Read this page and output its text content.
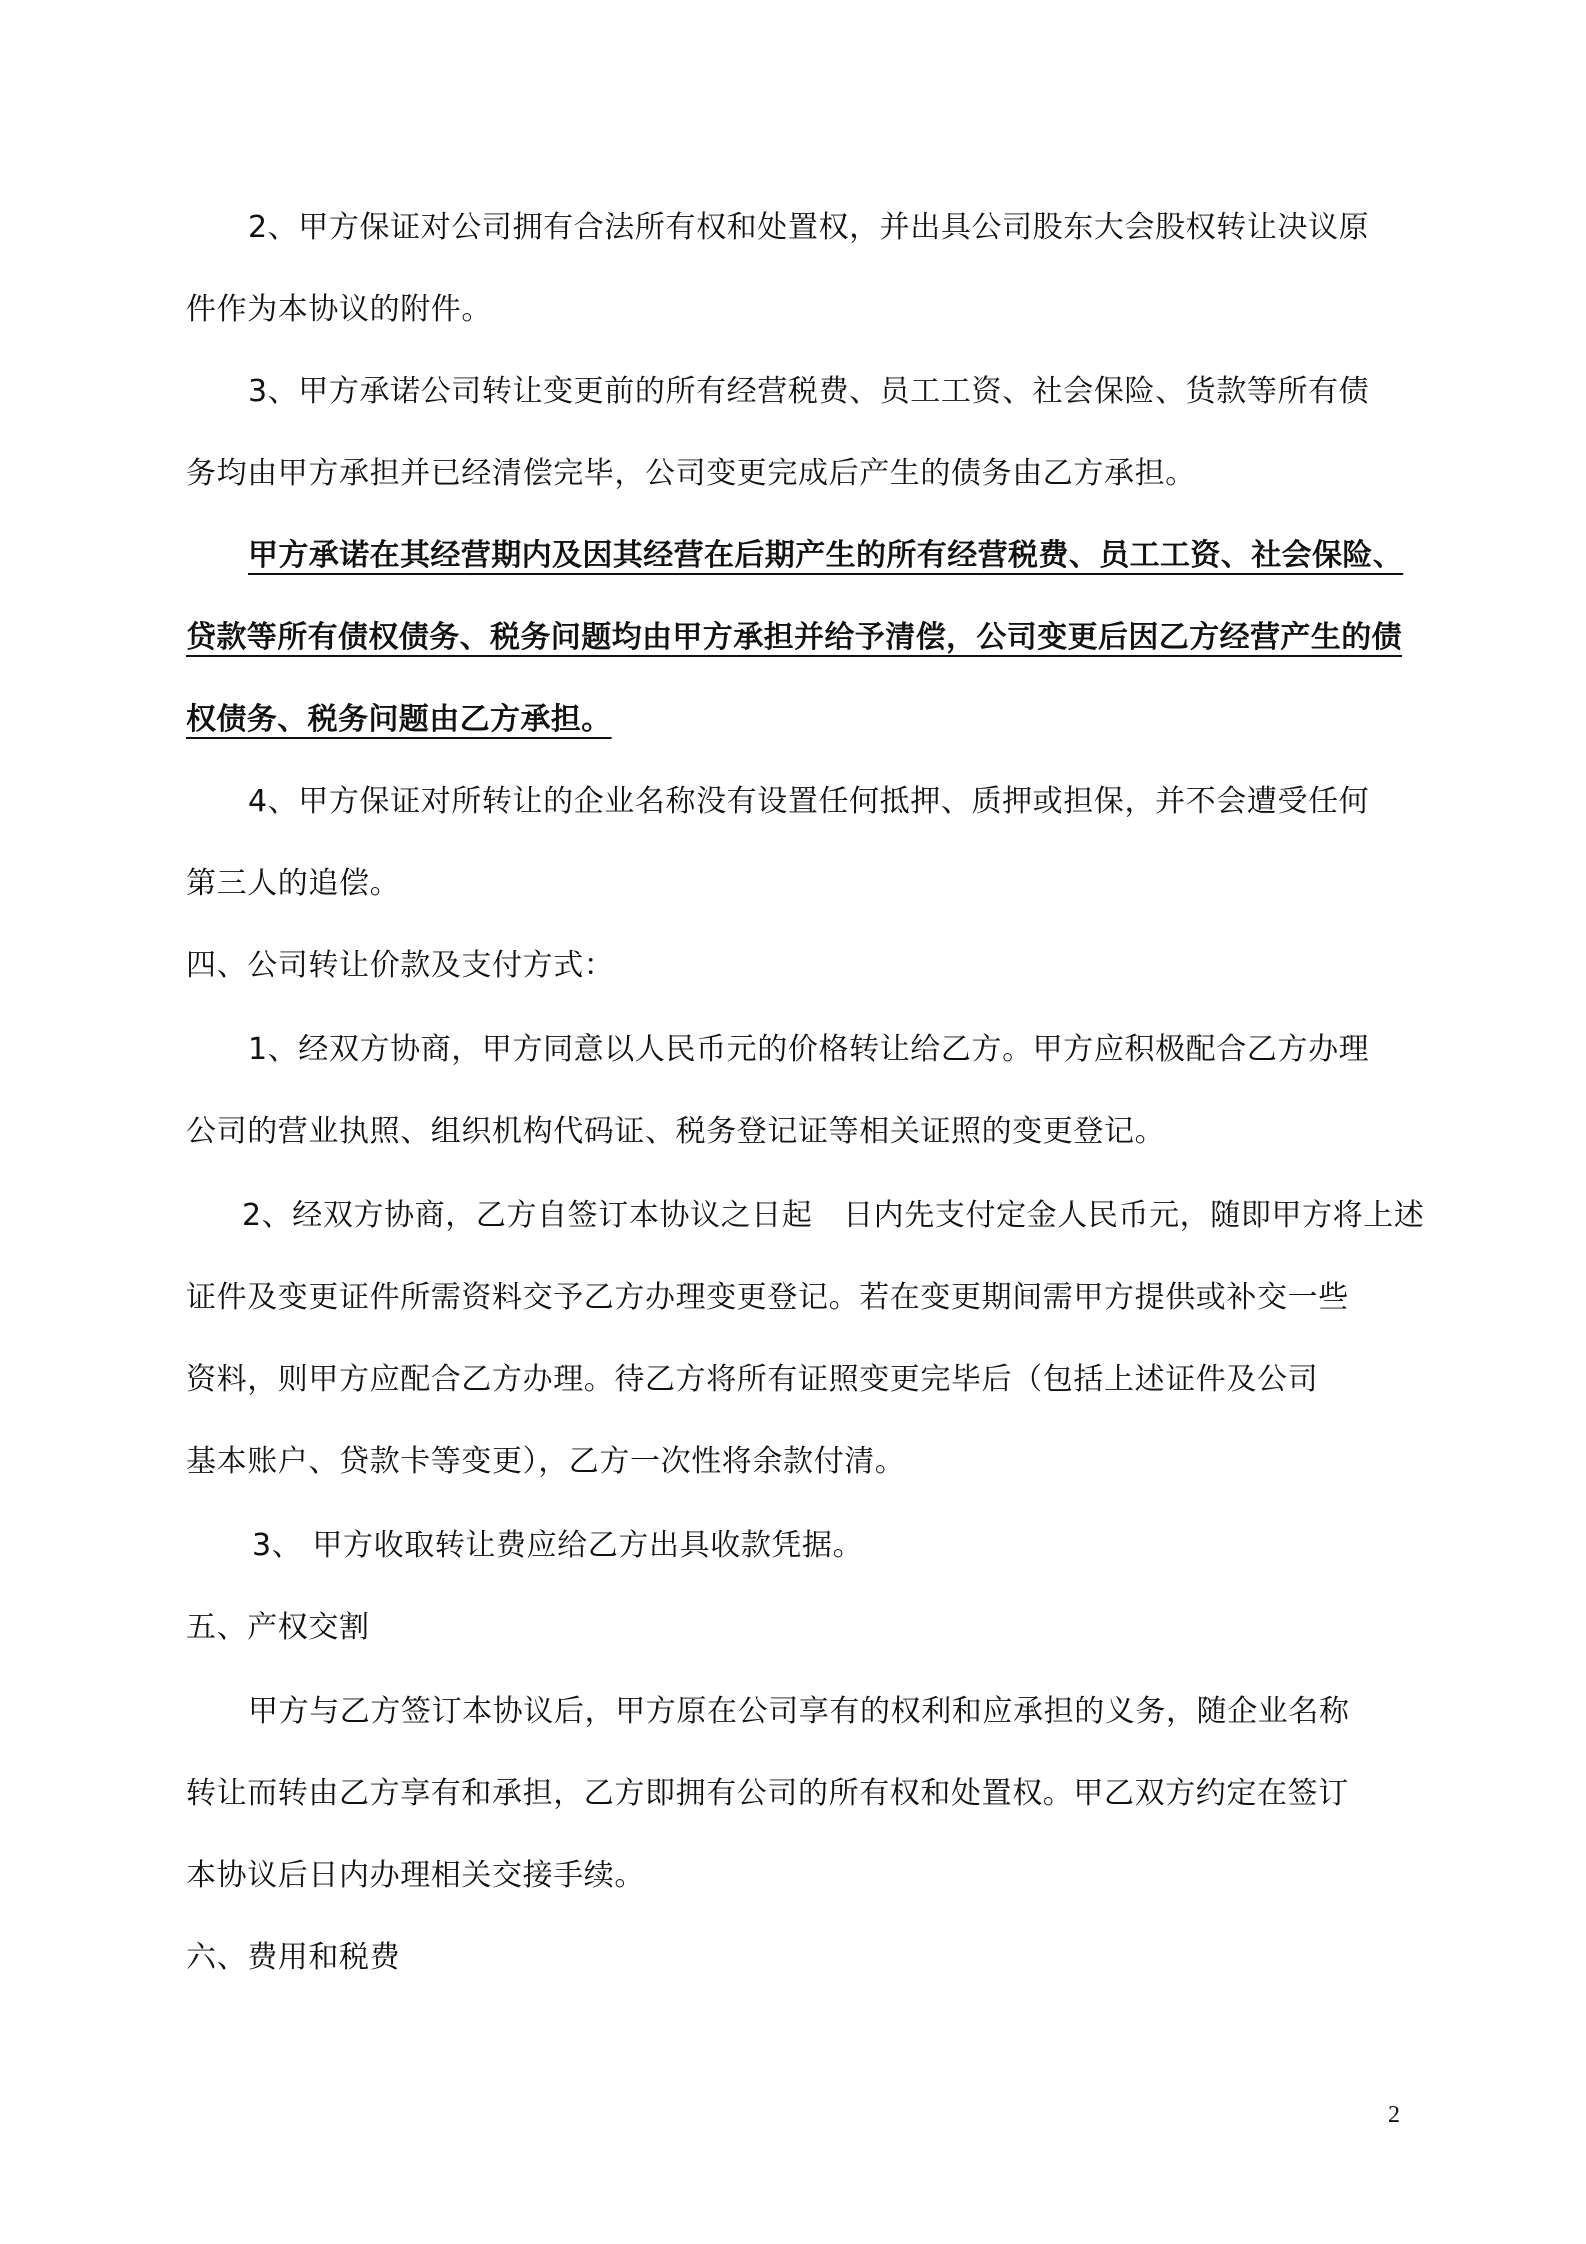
2、甲方保证对公司拥有合法所有权和处置权，并出具公司股东大会股权转让决议原
件作为本协议的附件。
3、甲方承诺公司转让变更前的所有经营税费、员工工资、社会保险、货款等所有债
务均由甲方承担并已经清偿完毕，公司变更完成后产生的债务由乙方承担。
甲方承诺在其经营期内及因其经营在后期产生的所有经营税费、员工工资、社会保险、
贷款等所有债权债务、税务问题均由甲方承担并给予清偿，公司变更后因乙方经营产生的债
权债务、税务问题由乙方承担。
4、甲方保证对所转让的企业名称没有设置任何抵押、质押或担保，并不会遭受任何
第三人的追偿。
四、公司转让价款及支付方式：
1、经双方协商，甲方同意以人民币元的价格转让给乙方。甲方应积极配合乙方办理
公司的营业执照、组织机构代码证、税务登记证等相关证照的变更登记。
2、经双方协商，乙方自签订本协议之日起　日内先支付定金人民币元，随即甲方将上述
证件及变更证件所需资料交予乙方办理变更登记。若在变更期间需甲方提供或补交一些
资料，则甲方应配合乙方办理。待乙方将所有证照变更完毕后（包括上述证件及公司
基本账户、贷款卡等变更），乙方一次性将余款付清。
3、 甲方收取转让费应给乙方出具收款凭据。
五、产权交割
甲方与乙方签订本协议后，甲方原在公司享有的权利和应承担的义务，随企业名称
转让而转由乙方享有和承担，乙方即拥有公司的所有权和处置权。甲乙双方约定在签订
本协议后日内办理相关交接手续。
六、费用和税费
2
